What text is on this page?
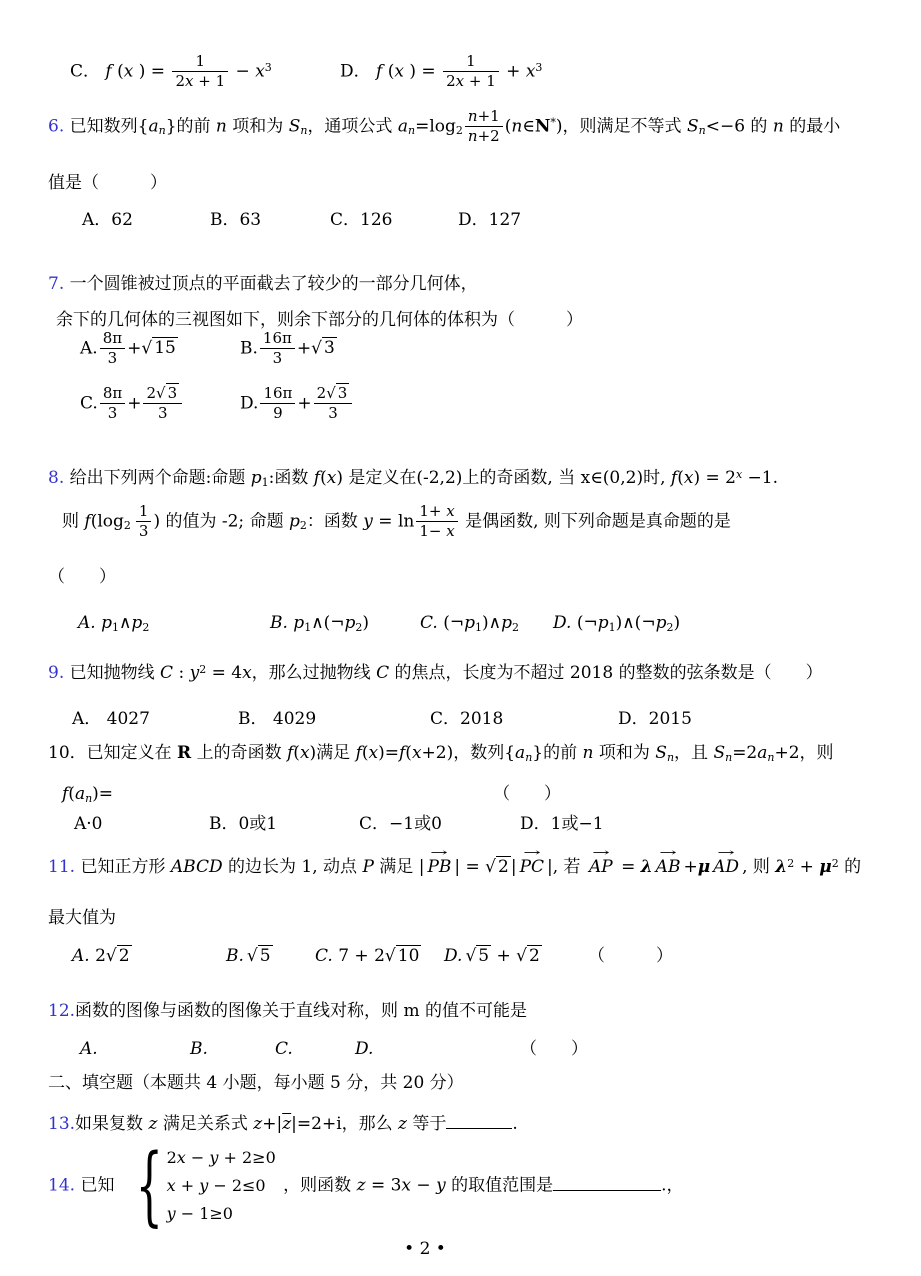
C． f (x ) = $\frac{1}{2x + 1} - x^3$	D． f (x ) = $\frac{1}{2x + 1} + x^3$
6. 已知数列{an}的前 n 项和为 Sn，通项公式 $an=\log 2 \frac{n+1}{n+2}$ (n∈N*)，则满足不等式 Sn<−6 的 n 的最小
值是（　　　）
A．62	B．63	C．126	D．127
7. 一个圆锥被过顶点的平面截去了较少的一部分几何体，
余下的几何体的三视图如下，则余下部分的几何体的体积为（　　　）
A. $\frac{8\pi}{3}$ +√ 15	B. $\frac{16\pi}{3}$ +√ 3
C. $\frac{8\pi}{3} + \frac{2√ 3}{3}$	D. $\frac{16\pi}{9} + \frac{2√ 3}{3}$
8. 给出下列两个命题:命题 p1:函数 f(x) 是定义在(-2,2)上的奇函数, 当 x∈(0,2)时, $f(x) = 2^x -1$.
则 $f(\log 2 \frac{1}{3}$ ) 的值为 -2; 命题 p2：函数 $y = \ln \frac{1+ x}{1- x}$ 是偶函数, 则下列命题是真命题的是
（　　）
A. p1∧p2	B. p1∧(¬p2)	C. (¬p1)∧p2 D. (¬p1)∧(¬p2)
9. 已知抛物线 C : $y^2 = 4x$，那么过抛物线 C 的焦点，长度为不超过 2018 的整数的弦条数是（　　）
A． 4027	B． 4029	C．2018	D．2015
10．已知定义在 R 上的奇函数 f(x)满足 f(x)=f(x+2)，数列{an}的前 n 项和为 Sn，且 Sn=2an+2，则
f(an)=	（　　）
A·0	B．0或1	C．−1或0	D．1或−1
11. 已知正方形 ABCD 的边长为 1, 动点 P 满足 |
→
PB | = √ 2 |
→
PC |, 若
→
AP = λ
→
AB +μ
→
AD , 则 $\lambda^2 + \mu^2$ 的
最大值为
A. 2√ 2	B. √ 5	C. 7 + 2√ 10 D. √ 5 + √ 2	（　　　）
12.函数的图像与函数的图像关于直线对称，则 m 的值不可能是
A.	B.	C.	D.	（　　）
二、填空题（本题共 4 小题，每小题 5 分，共 20 分）
13.如果复数 z 满足关系式 $z+|\overline{z}|=2+i$，那么 z 等于	.
14. 已知 { 2x − y + 2≥0
x + y − 2≤0
y − 1≥0
，则函数 z = 3x − y 的取值范围是	.，
• 2 •
